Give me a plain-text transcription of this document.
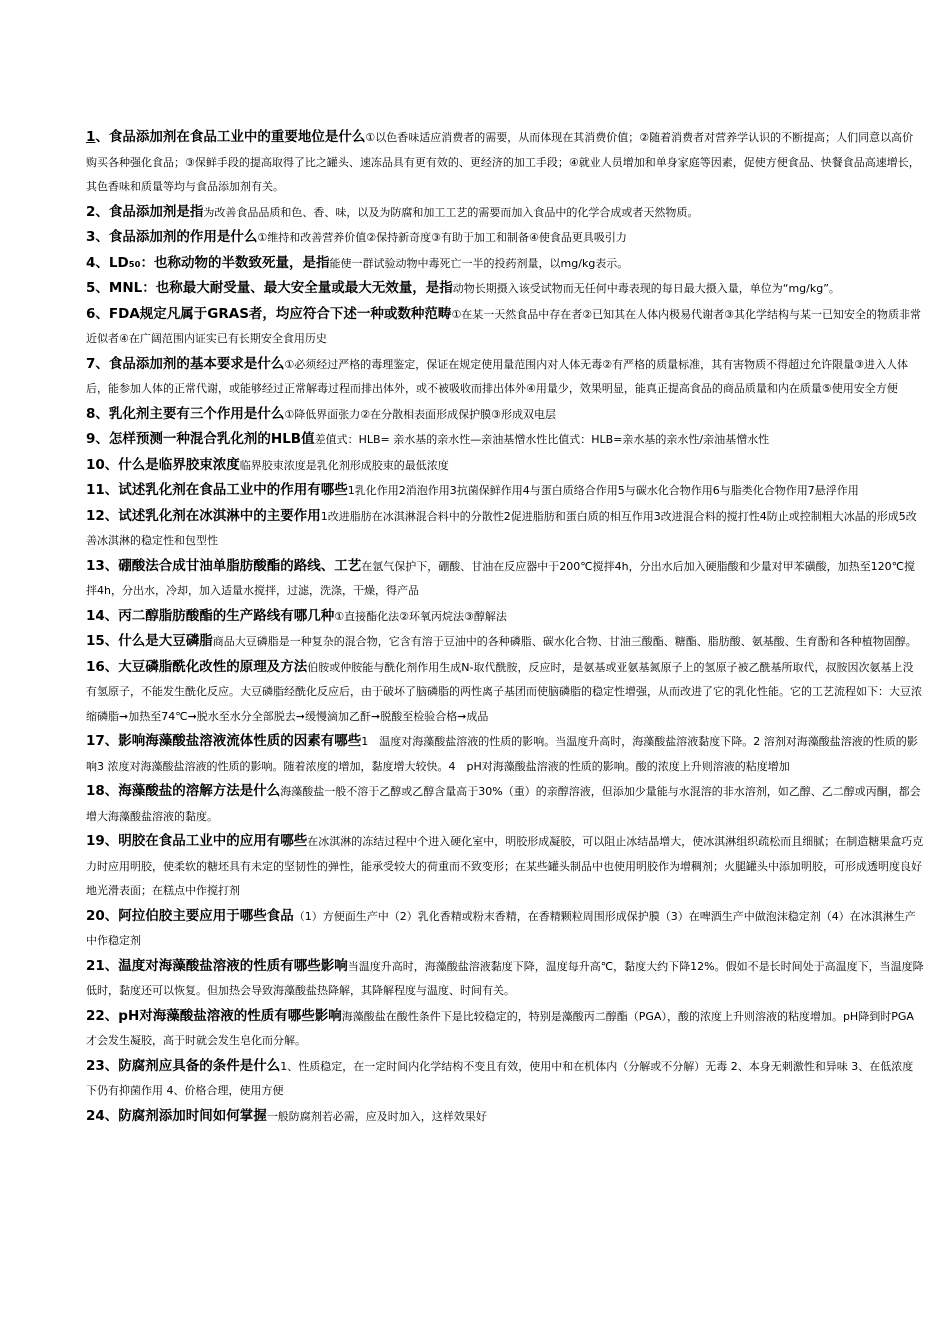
1、食品添加剂在食品工业中的重要地位是什么①以色香味适应消费者的需要，从而体现在其消费价值；②随着消费者对营养学认识的不断提高；人们同意以高价购买各种强化食品；③保鲜手段的提高取得了比之罐头、速冻品具有更有效的、更经济的加工手段；④就业人员增加和单身家庭等因素，促使方便食品、快餐食品高速增长，其色香味和质量等均与食品添加剂有关。

2、食品添加剂是指为改善食品品质和色、香、味，以及为防腐和加工工艺的需要而加入食品中的化学合成或者天然物质。

3、食品添加剂的作用是什么①维持和改善营养价值②保持新奇度③有助于加工和制备④使食品更具吸引力

4、LD₅₀：也称动物的半数致死量，是指能使一群试验动物中毒死亡一半的投药剂量，以mg/kg表示。

5、MNL：也称最大耐受量、最大安全量或最大无效量，是指动物长期摄入该受试物而无任何中毒表现的每日最大摄入量，单位为“mg/kg”。

6、FDA规定凡属于GRAS者，均应符合下述一种或数种范畴①在某一天然食品中存在者②已知其在人体内极易代谢者③其化学结构与某一已知安全的物质非常近似者④在广阔范围内证实已有长期安全食用历史

7、食品添加剂的基本要求是什么①必须经过严格的毒理鉴定，保证在规定使用量范围内对人体无毒②有严格的质量标准，其有害物质不得超过允许限量③进入人体后，能参加人体的正常代谢，或能够经过正常解毒过程而排出体外，或不被吸收而排出体外④用量少，效果明显，能真正提高食品的商品质量和内在质量⑤使用安全方便

8、乳化剂主要有三个作用是什么①降低界面张力②在分散相表面形成保护膜③形成双电层

9、怎样预测一种混合乳化剂的HLB值差值式：HLB= 亲水基的亲水性—亲油基憎水性比值式：HLB=亲水基的亲水性/亲油基憎水性

10、什么是临界胶束浓度临界胶束浓度是乳化剂形成胶束的最低浓度

11、试述乳化剂在食品工业中的作用有哪些1乳化作用2消泡作用3抗菌保鲜作用4与蛋白质络合作用5与碳水化合物作用6与脂类化合物作用7悬浮作用

12、试述乳化剂在冰淇淋中的主要作用1改进脂肪在冰淇淋混合料中的分散性2促进脂肪和蛋白质的相互作用3改进混合料的搅打性4防止或控制粗大冰晶的形成5改善冰淇淋的稳定性和包型性

13、硼酸法合成甘油单脂肪酸酯的路线、工艺在氩气保护下，硼酸、甘油在反应器中于200℃搅拌4h，分出水后加入硬脂酸和少量对甲苯磺酸，加热至120℃搅拌4h，分出水，冷却，加入适量水搅拌，过滤，洗涤，干燥，得产品

14、丙二醇脂肪酸酯的生产路线有哪几种①直接酯化法②环氧丙烷法③醇解法

15、什么是大豆磷脂商品大豆磷脂是一种复杂的混合物，它含有溶于豆油中的各种磷脂、碳水化合物、甘油三酸酯、糖酯、脂肪酸、氨基酸、生育酚和各种植物固醇。

16、大豆磷脂酰化改性的原理及方法伯胺或仲胺能与酰化剂作用生成N-取代酰胺，反应时，是氨基或亚氨基氮原子上的氢原子被乙酰基所取代，叔胺因次氨基上没有氢原子，不能发生酰化反应。大豆磷脂经酰化反应后，由于破坏了脑磷脂的两性离子基团而使脑磷脂的稳定性增强，从而改进了它的乳化性能。它的工艺流程如下：大豆浓缩磷脂➞加热至74℃➞脱水至水分全部脱去➞缓慢滴加乙酐➞脱酸至检验合格➞成品

17、影响海藻酸盐溶液流体性质的因素有哪些1　温度对海藻酸盐溶液的性质的影响。当温度升高时，海藻酸盐溶液黏度下降。2 溶剂对海藻酸盐溶液的性质的影响3 浓度对海藻酸盐溶液的性质的影响。随着浓度的增加，黏度增大较快。4　pH对海藻酸盐溶液的性质的影响。酸的浓度上升则溶液的粘度增加

18、海藻酸盐的溶解方法是什么海藻酸盐一般不溶于乙醇或乙醇含量高于30%（重）的亲醇溶液，但添加少量能与水混溶的非水溶剂，如乙醇、乙二醇或丙酮，都会增大海藻酸盐溶液的黏度。

19、明胶在食品工业中的应用有哪些在冰淇淋的冻结过程中个进入硬化室中，明胶形成凝胶，可以阻止冰结晶增大，使冰淇淋组织疏松而且细腻；在制造糖果盒巧克力时应用明胶，使柔软的糖坯具有未定的坚韧性的弹性，能承受较大的荷重而不致变形；在某些罐头制品中也使用明胶作为增稠剂；火腿罐头中添加明胶，可形成透明度良好地光滑表面；在糕点中作搅打剂

20、阿拉伯胶主要应用于哪些食品（1）方便面生产中（2）乳化香精或粉末香精，在香精颗粒周围形成保护膜（3）在啤酒生产中做泡沫稳定剂（4）在冰淇淋生产中作稳定剂

21、温度对海藻酸盐溶液的性质有哪些影响当温度升高时，海藻酸盐溶液黏度下降，温度每升高℃，黏度大约下降12%。假如不是长时间处于高温度下，当温度降低时，黏度还可以恢复。但加热会导致海藻酸盐热降解，其降解程度与温度、时间有关。

22、pH对海藻酸盐溶液的性质有哪些影响海藻酸盐在酸性条件下是比较稳定的，特别是藻酸丙二醇酯（PGA），酸的浓度上升则溶液的粘度增加。pH降到时PGA才会发生凝胶，高于时就会发生皂化而分解。

23、防腐剂应具备的条件是什么1、性质稳定，在一定时间内化学结构不变且有效，使用中和在机体内（分解或不分解）无毒 2、本身无刺激性和异味 3、在低浓度下仍有抑菌作用 4、价格合理，使用方便

24、防腐剂添加时间如何掌握一般防腐剂若必需，应及时加入，这样效果好
